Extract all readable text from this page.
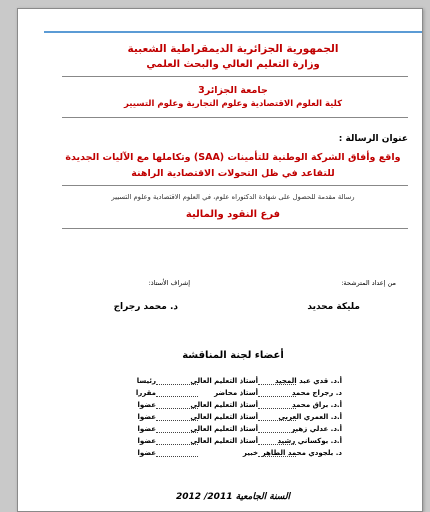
الجمهورية الجزائرية الديمقراطية الشعبية
وزارة التعليم العالي والبحث العلمي
جامعة الجزائر3
كلية العلوم الاقتصادية وعلوم التجارية وعلوم التسيير
عنوان الرسالة :
واقع وأفاق الشركة الوطنية للتأمينات (SAA) وتكاملها مع الآليات الجديدة
للتقاعد في ظل التحولات الاقتصادية الراهنة
رسالة مقدمة للحصول على شهادة الدكتوراه علوم، في العلوم الاقتصادية وعلوم التسيير
فرع النقود والمالية
من إعداد المترشحة:
إشراف الأستاذ:
مليكة محديد
د. محمد رجراج
أعضاء لجنة المناقشة
أ.د. قدي عبد المجيد
أستاذ التعليم العالي
رئيسا
د. رجراج محمد
أستاذ محاضر
مقررا
أ.د. براق محمد
أستاذ التعليم العالي
عضوا
أ.د. العمري العربي
أستاذ التعليم العالي
عضوا
أ.د. عدلي زهير
أستاذ التعليم العالي
عضوا
أ.د. بوكساني رشيد
أستاذ التعليم العالي
عضوا
د. بلجودي محمد الطاهر
خبير
عضوا
السنة الجامعية 2011/ 2012
